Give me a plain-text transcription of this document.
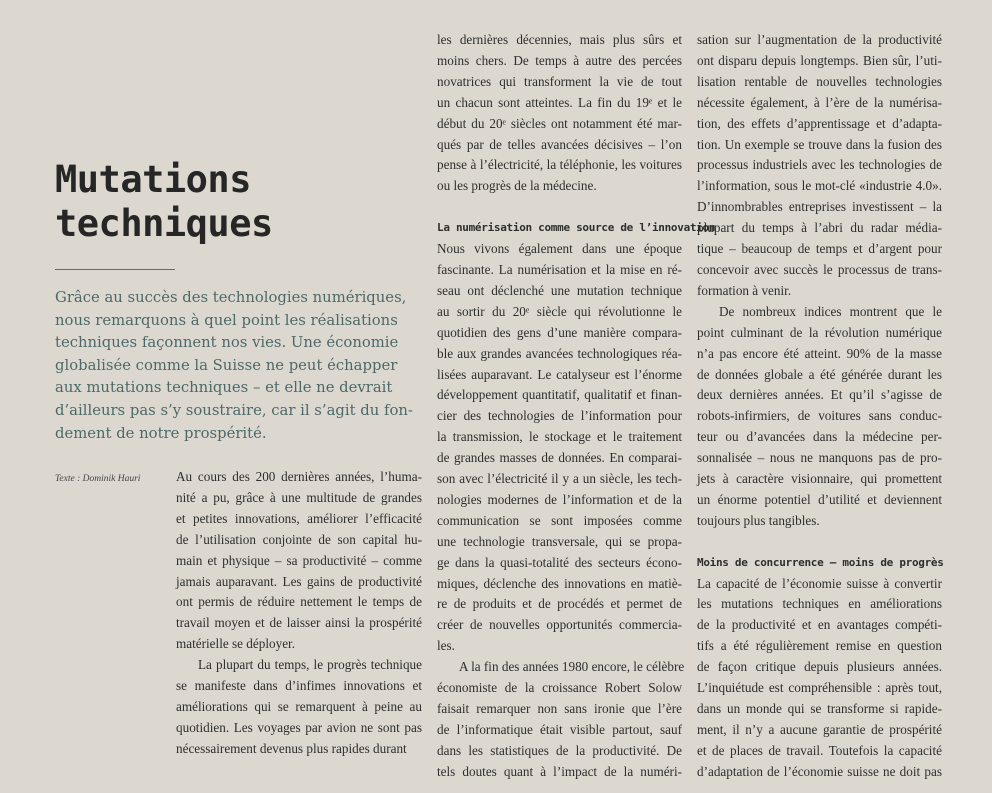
Mutations
techniques

Grâce au succès des technologies numériques,
nous remarquons à quel point les réalisations
techniques façonnent nos vies. Une économie
globalisée comme la Suisse ne peut échapper
aux mutations techniques – et elle ne devrait
d’ailleurs pas s’y soustraire, car il s’agit du fon-
dement de notre prospérité.

Texte : Dominik Hauri	Au cours des 200 dernières années, l’huma-
nité a pu, grâce à une multitude de grandes
et petites innovations, améliorer l’efficacité
de l’utilisation conjointe de son capital hu-
main et physique – sa productivité – comme
jamais auparavant. Les gains de productivité
ont permis de réduire nettement le temps de
travail moyen et de laisser ainsi la prospérité
matérielle se déployer.
La plupart du temps, le progrès technique
se manifeste dans d’infimes innovations et
améliorations qui se remarquent à peine au
quotidien. Les voyages par avion ne sont pas
nécessairement devenus plus rapides durant
les dernières décennies, mais plus sûrs et
moins chers. De temps à autre des percées
novatrices qui transforment la vie de tout
un chacun sont atteintes. La fin du 19ᵉ et le
début du 20ᵉ siècles ont notamment été mar-
qués par de telles avancées décisives – l’on
pense à l’électricité, la téléphonie, les voitures
ou les progrès de la médecine.

La numérisation comme source de l’innovation
Nous vivons également dans une époque
fascinante. La numérisation et la mise en ré-
seau ont déclenché une mutation technique
au sortir du 20ᵉ siècle qui révolutionne le
quotidien des gens d’une manière compara-
ble aux grandes avancées technologiques réa-
lisées auparavant. Le catalyseur est l’énorme
développement quantitatif, qualitatif et finan-
cier des technologies de l’information pour
la transmission, le stockage et le traitement
de grandes masses de données. En comparai-
son avec l’électricité il y a un siècle, les tech-
nologies modernes de l’information et de la
communication se sont imposées comme
une technologie transversale, qui se propa-
ge dans la quasi-totalité des secteurs écono-
miques, déclenche des innovations en matiè-
re de produits et de procédés et permet de
créer de nouvelles opportunités commercia-
les.
A la fin des années 1980 encore, le célèbre
économiste de la croissance Robert Solow
faisait remarquer non sans ironie que l’ère
de l’informatique était visible partout, sauf
dans les statistiques de la productivité. De
tels doutes quant à l’impact de la numéri-
sation sur l’augmentation de la productivité
ont disparu depuis longtemps. Bien sûr, l’uti-
lisation rentable de nouvelles technologies
nécessite également, à l’ère de la numérisa-
tion, des effets d’apprentissage et d’adapta-
tion. Un exemple se trouve dans la fusion des
processus industriels avec les technologies de
l’information, sous le mot-clé «industrie 4.0».
D’innombrables entreprises investissent – la
plupart du temps à l’abri du radar média-
tique – beaucoup de temps et d’argent pour
concevoir avec succès le processus de trans-
formation à venir.
De nombreux indices montrent que le
point culminant de la révolution numérique
n’a pas encore été atteint. 90% de la masse
de données globale a été générée durant les
deux dernières années. Et qu’il s’agisse de
robots-infirmiers, de voitures sans conduc-
teur ou d’avancées dans la médecine per-
sonnalisée – nous ne manquons pas de pro-
jets à caractère visionnaire, qui promettent
un énorme potentiel d’utilité et deviennent
toujours plus tangibles.

Moins de concurrence – moins de progrès
La capacité de l’économie suisse à convertir
les mutations techniques en améliorations
de la productivité et en avantages compéti-
tifs a été régulièrement remise en question
de façon critique depuis plusieurs années.
L’inquiétude est compréhensible : après tout,
dans un monde qui se transforme si rapide-
ment, il n’y a aucune garantie de prospérité
et de places de travail. Toutefois la capacité
d’adaptation de l’économie suisse ne doit pas
